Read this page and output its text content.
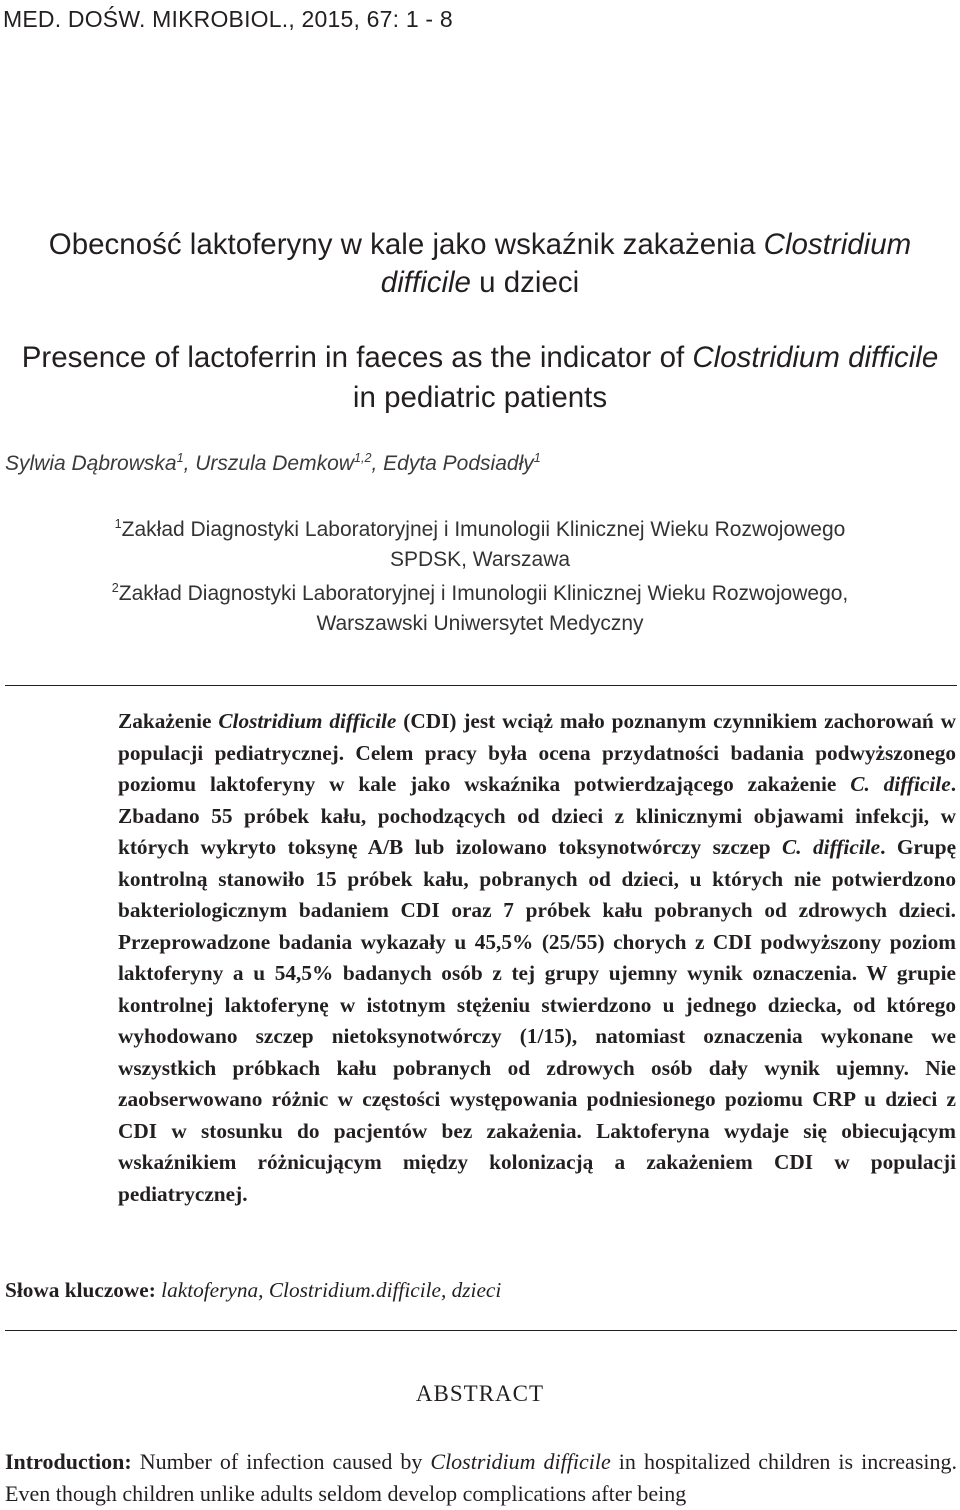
MED. DOŚW. MIKROBIOL., 2015, 67: 1 - 8
Obecność laktoferyny w kale jako wskaźnik zakażenia Clostridium
difficile u dzieci
Presence of lactoferrin in faeces as the indicator of Clostridium difficile
in pediatric patients
Sylwia Dąbrowska$^1$, Urszula Demkow$^{1,2}$, Edyta Podsiadły$^1$
$^1$Zakład Diagnostyki Laboratoryjnej i Imunologii Klinicznej Wieku Rozwojowego
SPDSK, Warszawa
$^2$Zakład Diagnostyki Laboratoryjnej i Imunologii Klinicznej Wieku Rozwojowego,
Warszawski Uniwersytet Medyczny

Zakażenie Clostridium difficile (CDI) jest wciąż mało poznanym czynnikiem zachorowań w populacji pediatrycznej. Celem pracy była ocena przydatności badania podwyższonego poziomu laktoferyny w kale jako wskaźnika potwierdzającego zakażenie C. difficile. Zbadano 55 próbek kału, pochodzących od dzieci z klinicznymi objawami infekcji, w których wykryto toksynę A/B lub izolowano toksynotwórczy szczep C. difficile. Grupę kontrolną stanowiło 15 próbek kału, pobranych od dzieci, u których nie potwierdzono bakteriologicznym badaniem CDI oraz 7 próbek kału pobranych od zdrowych dzieci. Przeprowadzone badania wykazały u 45,5% (25/55) chorych z CDI podwyższony poziom laktoferyny a u 54,5% badanych osób z tej grupy ujemny wynik oznaczenia. W grupie kontrolnej laktoferynę w istotnym stężeniu stwierdzono u jednego dziecka, od którego wyhodowano szczep nietoksynotwórczy (1/15), natomiast oznaczenia wykonane we wszystkich próbkach kału pobranych od zdrowych osób dały wynik ujemny. Nie zaobserwowano różnic w częstości występowania podniesionego poziomu CRP u dzieci z CDI w stosunku do pacjentów bez zakażenia. Laktoferyna wydaje się obiecującym wskaźnikiem różnicującym między kolonizacją a zakażeniem CDI w populacji pediatrycznej.

Słowa kluczowe: laktoferyna, Clostridium.difficile, dzieci
ABSTRACT

Introduction: Number of infection caused by Clostridium difficile in hospitalized children is increasing. Even though children unlike adults seldom develop complications after being
